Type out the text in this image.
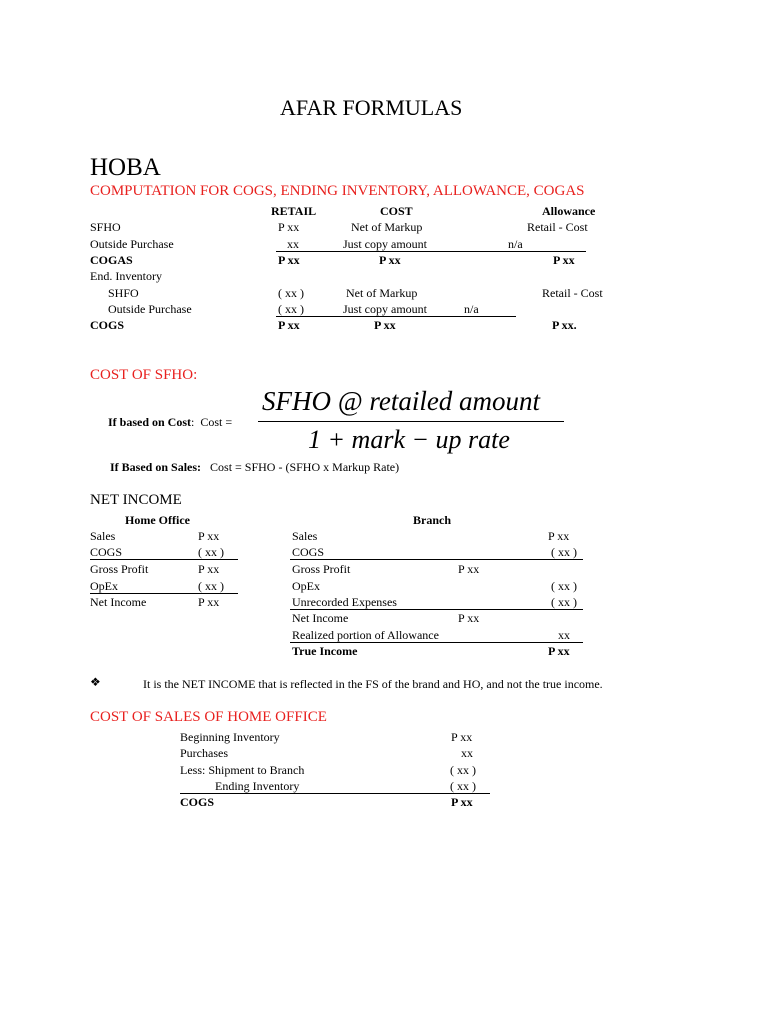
AFAR FORMULAS
HOBA
COMPUTATION FOR COGS, ENDING INVENTORY, ALLOWANCE, COGAS
RETAIL	COST	Allowance
SFHO	P xx	Net of Markup	Retail - Cost
Outside Purchase	xx	Just copy amount	n/a
COGAS	P xx	P xx	P xx
End. Inventory
SHFO	( xx )	Net of Markup	Retail - Cost
Outside Purchase	( xx )	Just copy amount	n/a
COGS	P xx	P xx	P xx.
COST OF SFHO:
If based on Cost: Cost =
SFHO @ retailed amount
1 + mark − up rate
If Based on Sales: Cost = SFHO - (SFHO x Markup Rate)
NET INCOME
Home Office	Branch
Sales	P xx
COGS	( xx )
Gross Profit	P xx
OpEx	( xx )
Net Income	P xx
Sales	P xx
COGS	( xx )
Gross Profit	P xx
OpEx	( xx )
Unrecorded Expenses	( xx )
Net Income	P xx
Realized portion of Allowance	xx
True Income	P xx
❖	It is the NET INCOME that is reflected in the FS of the brand and HO, and not the true income.
COST OF SALES OF HOME OFFICE
Beginning Inventory	P xx
Purchases	xx
Less: Shipment to Branch	( xx )
Ending Inventory	( xx )
COGS	P xx
